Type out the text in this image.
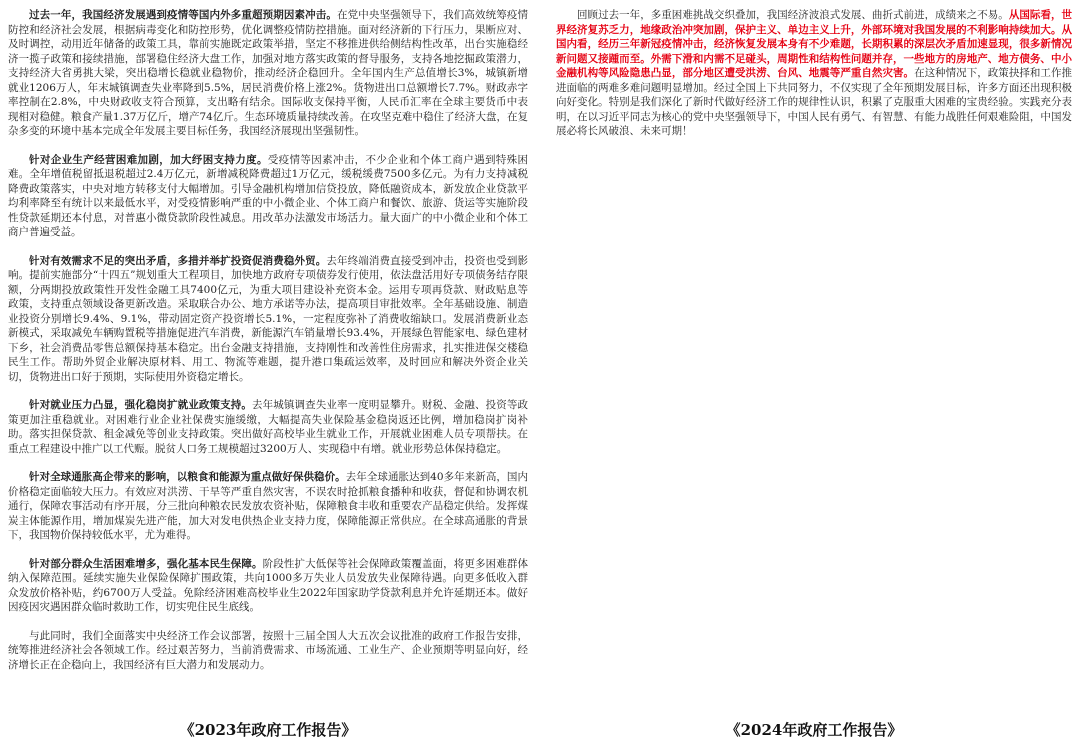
过去一年，我国经济发展遇到疫情等国内外多重超预期因素冲击。在党中央坚强领导下，我们高效统筹疫情防控和经济社会发展，根据病毒变化和防控形势，优化调整疫情防控措施。面对经济新的下行压力，果断应对、及时调控，动用近年储备的政策工具，靠前实施既定政策举措，坚定不移推进供给侧结构性改革，出台实施稳经济一揽子政策和接续措施，部署稳住经济大盘工作，加强对地方落实政策的督导服务，支持各地挖掘政策潜力，支持经济大省勇挑大梁，突出稳增长稳就业稳物价，推动经济企稳回升。全年国内生产总值增长3%，城镇新增就业1206万人，年末城镇调查失业率降到5.5%，居民消费价格上涨2%。货物进出口总额增长7.7%。财政赤字率控制在2.8%，中央财政收支符合预算，支出略有结余。国际收支保持平衡，人民币汇率在全球主要货币中表现相对稳健。粮食产量1.37万亿斤，增产74亿斤。生态环境质量持续改善。在攻坚克难中稳住了经济大盘，在复杂多变的环境中基本完成全年发展主要目标任务，我国经济展现出坚强韧性。

针对企业生产经营困难加剧，加大纾困支持力度。受疫情等因素冲击，不少企业和个体工商户遇到特殊困难。全年增值税留抵退税超过2.4万亿元，新增减税降费超过1万亿元，缓税缓费7500多亿元。为有力支持减税降费政策落实，中央对地方转移支付大幅增加。引导金融机构增加信贷投放，降低融资成本，新发放企业贷款平均利率降至有统计以来最低水平，对受疫情影响严重的中小微企业、个体工商户和餐饮、旅游、货运等实施阶段性贷款延期还本付息，对普惠小微贷款阶段性减息。用改革办法激发市场活力。量大面广的中小微企业和个体工商户普遍受益。

针对有效需求不足的突出矛盾，多措并举扩投资促消费稳外贸。去年终端消费直接受到冲击，投资也受到影响。提前实施部分“十四五”规划重大工程项目，加快地方政府专项债券发行使用，依法盘活用好专项债务结存限额，分两期投放政策性开发性金融工具7400亿元，为重大项目建设补充资本金。运用专项再贷款、财政贴息等政策，支持重点领域设备更新改造。采取联合办公、地方承诺等办法，提高项目审批效率。全年基础设施、制造业投资分别增长9.4%、9.1%，带动固定资产投资增长5.1%，一定程度弥补了消费收缩缺口。发展消费新业态新模式，采取减免车辆购置税等措施促进汽车消费，新能源汽车销量增长93.4%，开展绿色智能家电、绿色建材下乡，社会消费品零售总额保持基本稳定。出台金融支持措施，支持刚性和改善性住房需求，扎实推进保交楼稳民生工作。帮助外贸企业解决原材料、用工、物流等难题，提升港口集疏运效率，及时回应和解决外资企业关切，货物进出口好于预期，实际使用外资稳定增长。

针对就业压力凸显，强化稳岗扩就业政策支持。去年城镇调查失业率一度明显攀升。财税、金融、投资等政策更加注重稳就业。对困难行业企业社保费实施缓缴，大幅提高失业保险基金稳岗返还比例，增加稳岗扩岗补助。落实担保贷款、租金减免等创业支持政策。突出做好高校毕业生就业工作，开展就业困难人员专项帮扶。在重点工程建设中推广以工代赈。脱贫人口务工规模超过3200万人、实现稳中有增。就业形势总体保持稳定。

针对全球通胀高企带来的影响，以粮食和能源为重点做好保供稳价。去年全球通胀达到40多年来新高，国内价格稳定面临较大压力。有效应对洪涝、干旱等严重自然灾害，不误农时抢抓粮食播种和收获，督促和协调农机通行，保障农事活动有序开展，分三批向种粮农民发放农资补贴，保障粮食丰收和重要农产品稳定供给。发挥煤炭主体能源作用，增加煤炭先进产能，加大对发电供热企业支持力度，保障能源正常供应。在全球高通胀的背景下，我国物价保持较低水平，尤为难得。

针对部分群众生活困难增多，强化基本民生保障。阶段性扩大低保等社会保障政策覆盖面，将更多困难群体纳入保障范围。延续实施失业保险保障扩围政策，共向1000多万失业人员发放失业保障待遇。向更多低收入群众发放价格补贴，约6700万人受益。免除经济困难高校毕业生2022年国家助学贷款利息并允许延期还本。做好因疫因灾遇困群众临时救助工作，切实兜住民生底线。

与此同时，我们全面落实中央经济工作会议部署，按照十三届全国人大五次会议批准的政府工作报告安排，统筹推进经济社会各领域工作。经过艰苦努力，当前消费需求、市场流通、工业生产、企业预期等明显向好，经济增长正在企稳向上，我国经济有巨大潜力和发展动力。

回顾过去一年，多重困难挑战交织叠加，我国经济波浪式发展、曲折式前进，成绩来之不易。从国际看，世界经济复苏乏力，地缘政治冲突加剧，保护主义、单边主义上升，外部环境对我国发展的不利影响持续加大。从国内看，经历三年新冠疫情冲击，经济恢复发展本身有不少难题，长期积累的深层次矛盾加速显现，很多新情况新问题又接踵而至。外需下滑和内需不足碰头，周期性和结构性问题并存，一些地方的房地产、地方债务、中小金融机构等风险隐患凸显，部分地区遭受洪涝、台风、地震等严重自然灾害。在这种情况下，政策抉择和工作推进面临的两难多难问题明显增加。经过全国上下共同努力，不仅实现了全年预期发展目标，许多方面还出现积极向好变化。特别是我们深化了新时代做好经济工作的规律性认识，积累了克服重大困难的宝贵经验。实践充分表明，在以习近平同志为核心的党中央坚强领导下，中国人民有勇气、有智慧、有能力战胜任何艰难险阻，中国发展必将长风破浪、未来可期！

《2023年政府工作报告》	《2024年政府工作报告》
